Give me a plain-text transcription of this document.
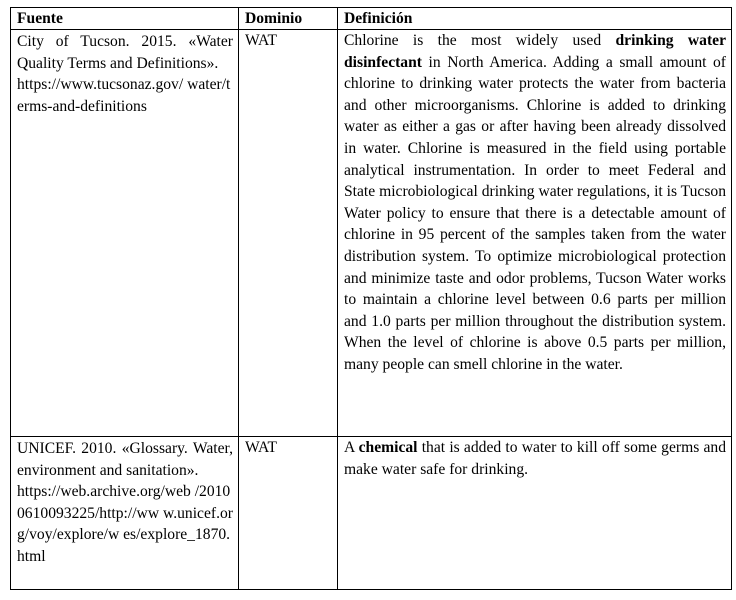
Fuente	Dominio	Definición

City of Tucson. 2015. «Water Quality Terms and Definitions».
https://www.tucsonaz.gov/ water/terms-and-definitions	WAT	Chlorine is the most widely used drinking water disinfectant in North America. Adding a small amount of chlorine to drinking water protects the water from bacteria and other microorganisms. Chlorine is added to drinking water as either a gas or after having been already dissolved in water. Chlorine is measured in the field using portable analytical instrumentation. In order to meet Federal and State microbiological drinking water regulations, it is Tucson Water policy to ensure that there is a detectable amount of chlorine in 95 percent of the samples taken from the water distribution system. To optimize microbiological protection and minimize taste and odor problems, Tucson Water works to maintain a chlorine level between 0.6 parts per million and 1.0 parts per million throughout the distribution system. When the level of chlorine is above 0.5 parts per million, many people can smell chlorine in the water.

UNICEF. 2010. «Glossary. Water, environment and sanitation».
https://web.archive.org/web /20100610093225/http://ww w.unicef.org/voy/explore/w es/explore_1870.html	WAT	A chemical that is added to water to kill off some germs and make water safe for drinking.
